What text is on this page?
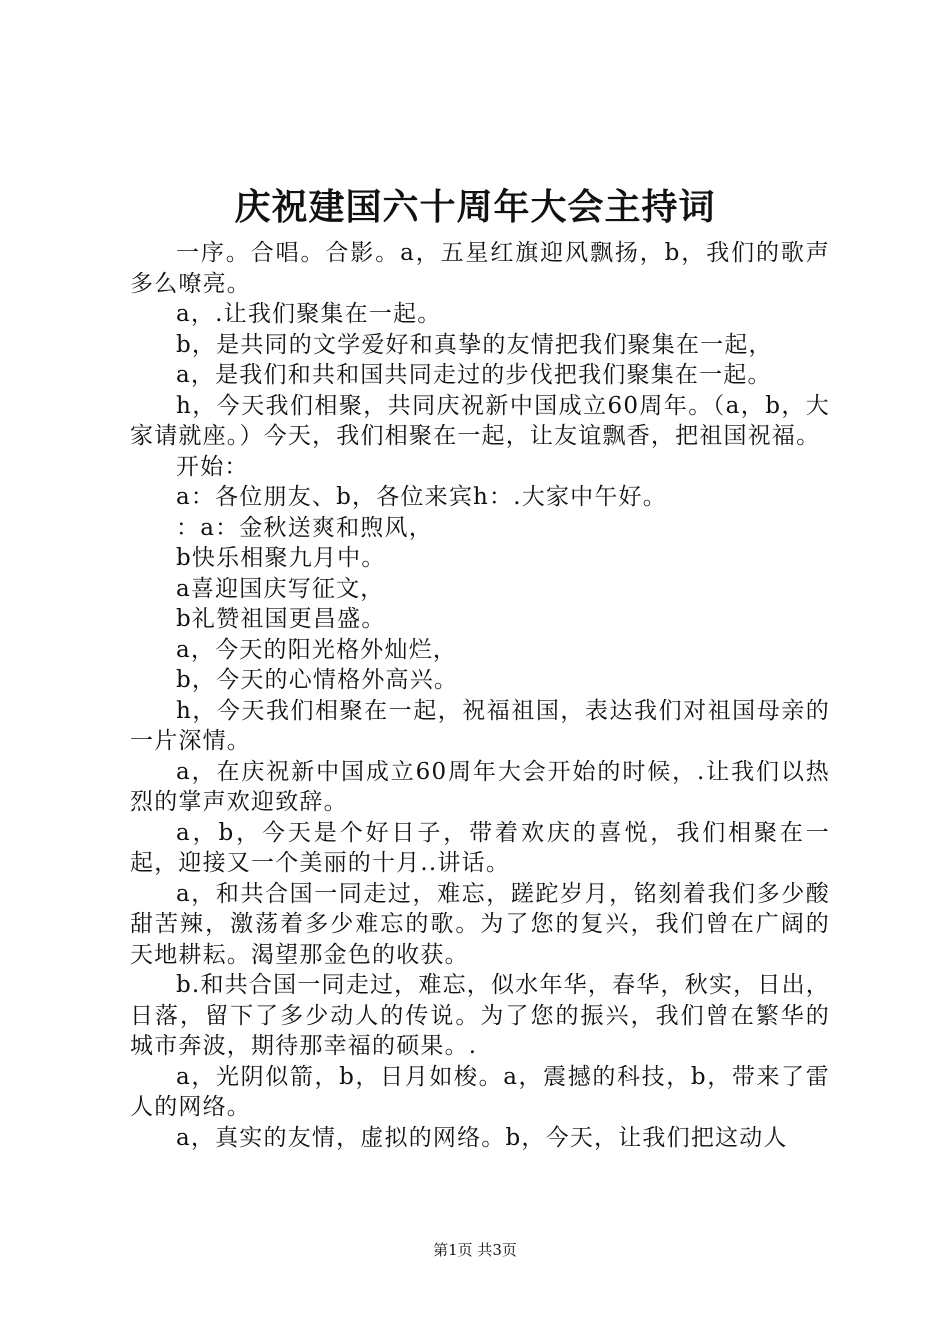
庆祝建国六十周年大会主持词

一序。合唱。合影。a，五星红旗迎风飘扬，b，我们的歌声多么嘹亮。

a，.让我们聚集在一起。

b，是共同的文学爱好和真挚的友情把我们聚集在一起，

a，是我们和共和国共同走过的步伐把我们聚集在一起。

h，今天我们相聚，共同庆祝新中国成立60周年。（a，b，大家请就座。）今天，我们相聚在一起，让友谊飘香，把祖国祝福。

开始：

a：各位朋友、b，各位来宾h：.大家中午好。

：a：金秋送爽和煦风，

b快乐相聚九月中。

a喜迎国庆写征文，

b礼赞祖国更昌盛。

a，今天的阳光格外灿烂，

b，今天的心情格外高兴。

h，今天我们相聚在一起，祝福祖国，表达我们对祖国母亲的一片深情。

a，在庆祝新中国成立60周年大会开始的时候，.让我们以热烈的掌声欢迎致辞。

a，b，今天是个好日子，带着欢庆的喜悦，我们相聚在一起，迎接又一个美丽的十月..讲话。

a，和共合国一同走过，难忘，蹉跎岁月，铭刻着我们多少酸甜苦辣，激荡着多少难忘的歌。为了您的复兴，我们曾在广阔的天地耕耘。渴望那金色的收获。

b.和共合国一同走过，难忘，似水年华，春华，秋实，日出，日落，留下了多少动人的传说。为了您的振兴，我们曾在繁华的城市奔波，期待那幸福的硕果。.

a，光阴似箭，b，日月如梭。a，震撼的科技，b，带来了雷人的网络。

a，真实的友情，虚拟的网络。b，今天，让我们把这动人

第1页 共3页
